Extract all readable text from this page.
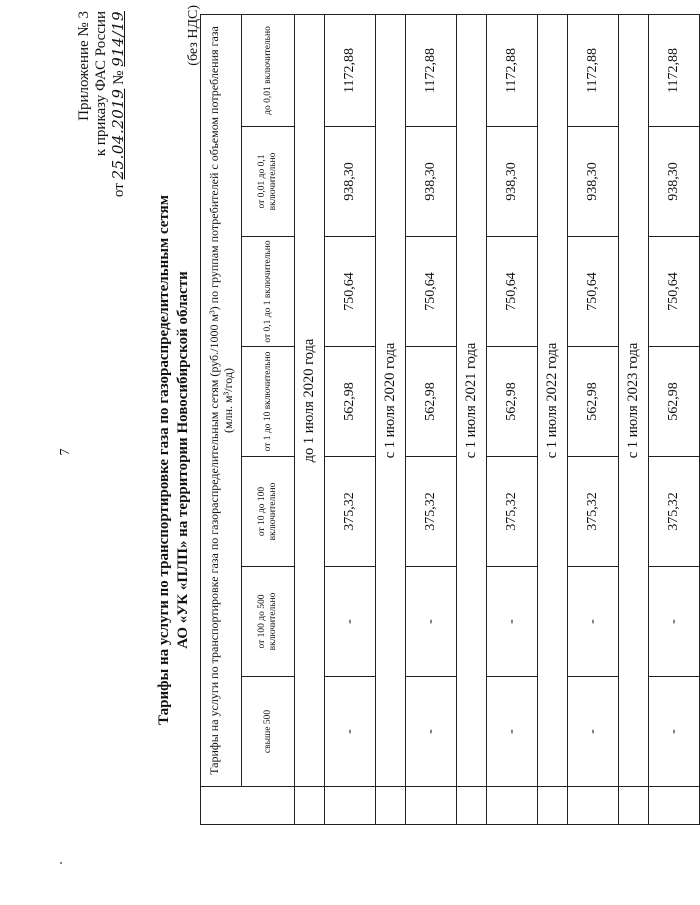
7
Приложение № 3 к приказу ФАС России
от 25.04.2019 № 914/19
Тарифы на услуги по транспортировке газа по газораспределительным сетям АО «УК «ПЛП» на территории Новосибирской области
(без НДС)
	Тарифы на услуги по транспортировке газа по газораспределительным сетям (руб./1000 м³) по группам потребителей с объемом потребления газа (млн. м³/год)						
	свыше 500	от 100 до 500 включительно	от 10 до 100 включительно	от 1 до 10 включительно	от 0,1 до 1 включительно	от 0,01 до 0,1 включительно	до 0,01 включительно
	до 1 июля 2020 года						
	-	-	375,32	562,98	750,64	938,30	1172,88
	с 1 июля 2020 года						
	-	-	375,32	562,98	750,64	938,30	1172,88
	с 1 июля 2021 года						
	-	-	375,32	562,98	750,64	938,30	1172,88
	с 1 июля 2022 года						
	-	-	375,32	562,98	750,64	938,30	1172,88
	с 1 июля 2023 года						
	-	-	375,32	562,98	750,64	938,30	1172,88
